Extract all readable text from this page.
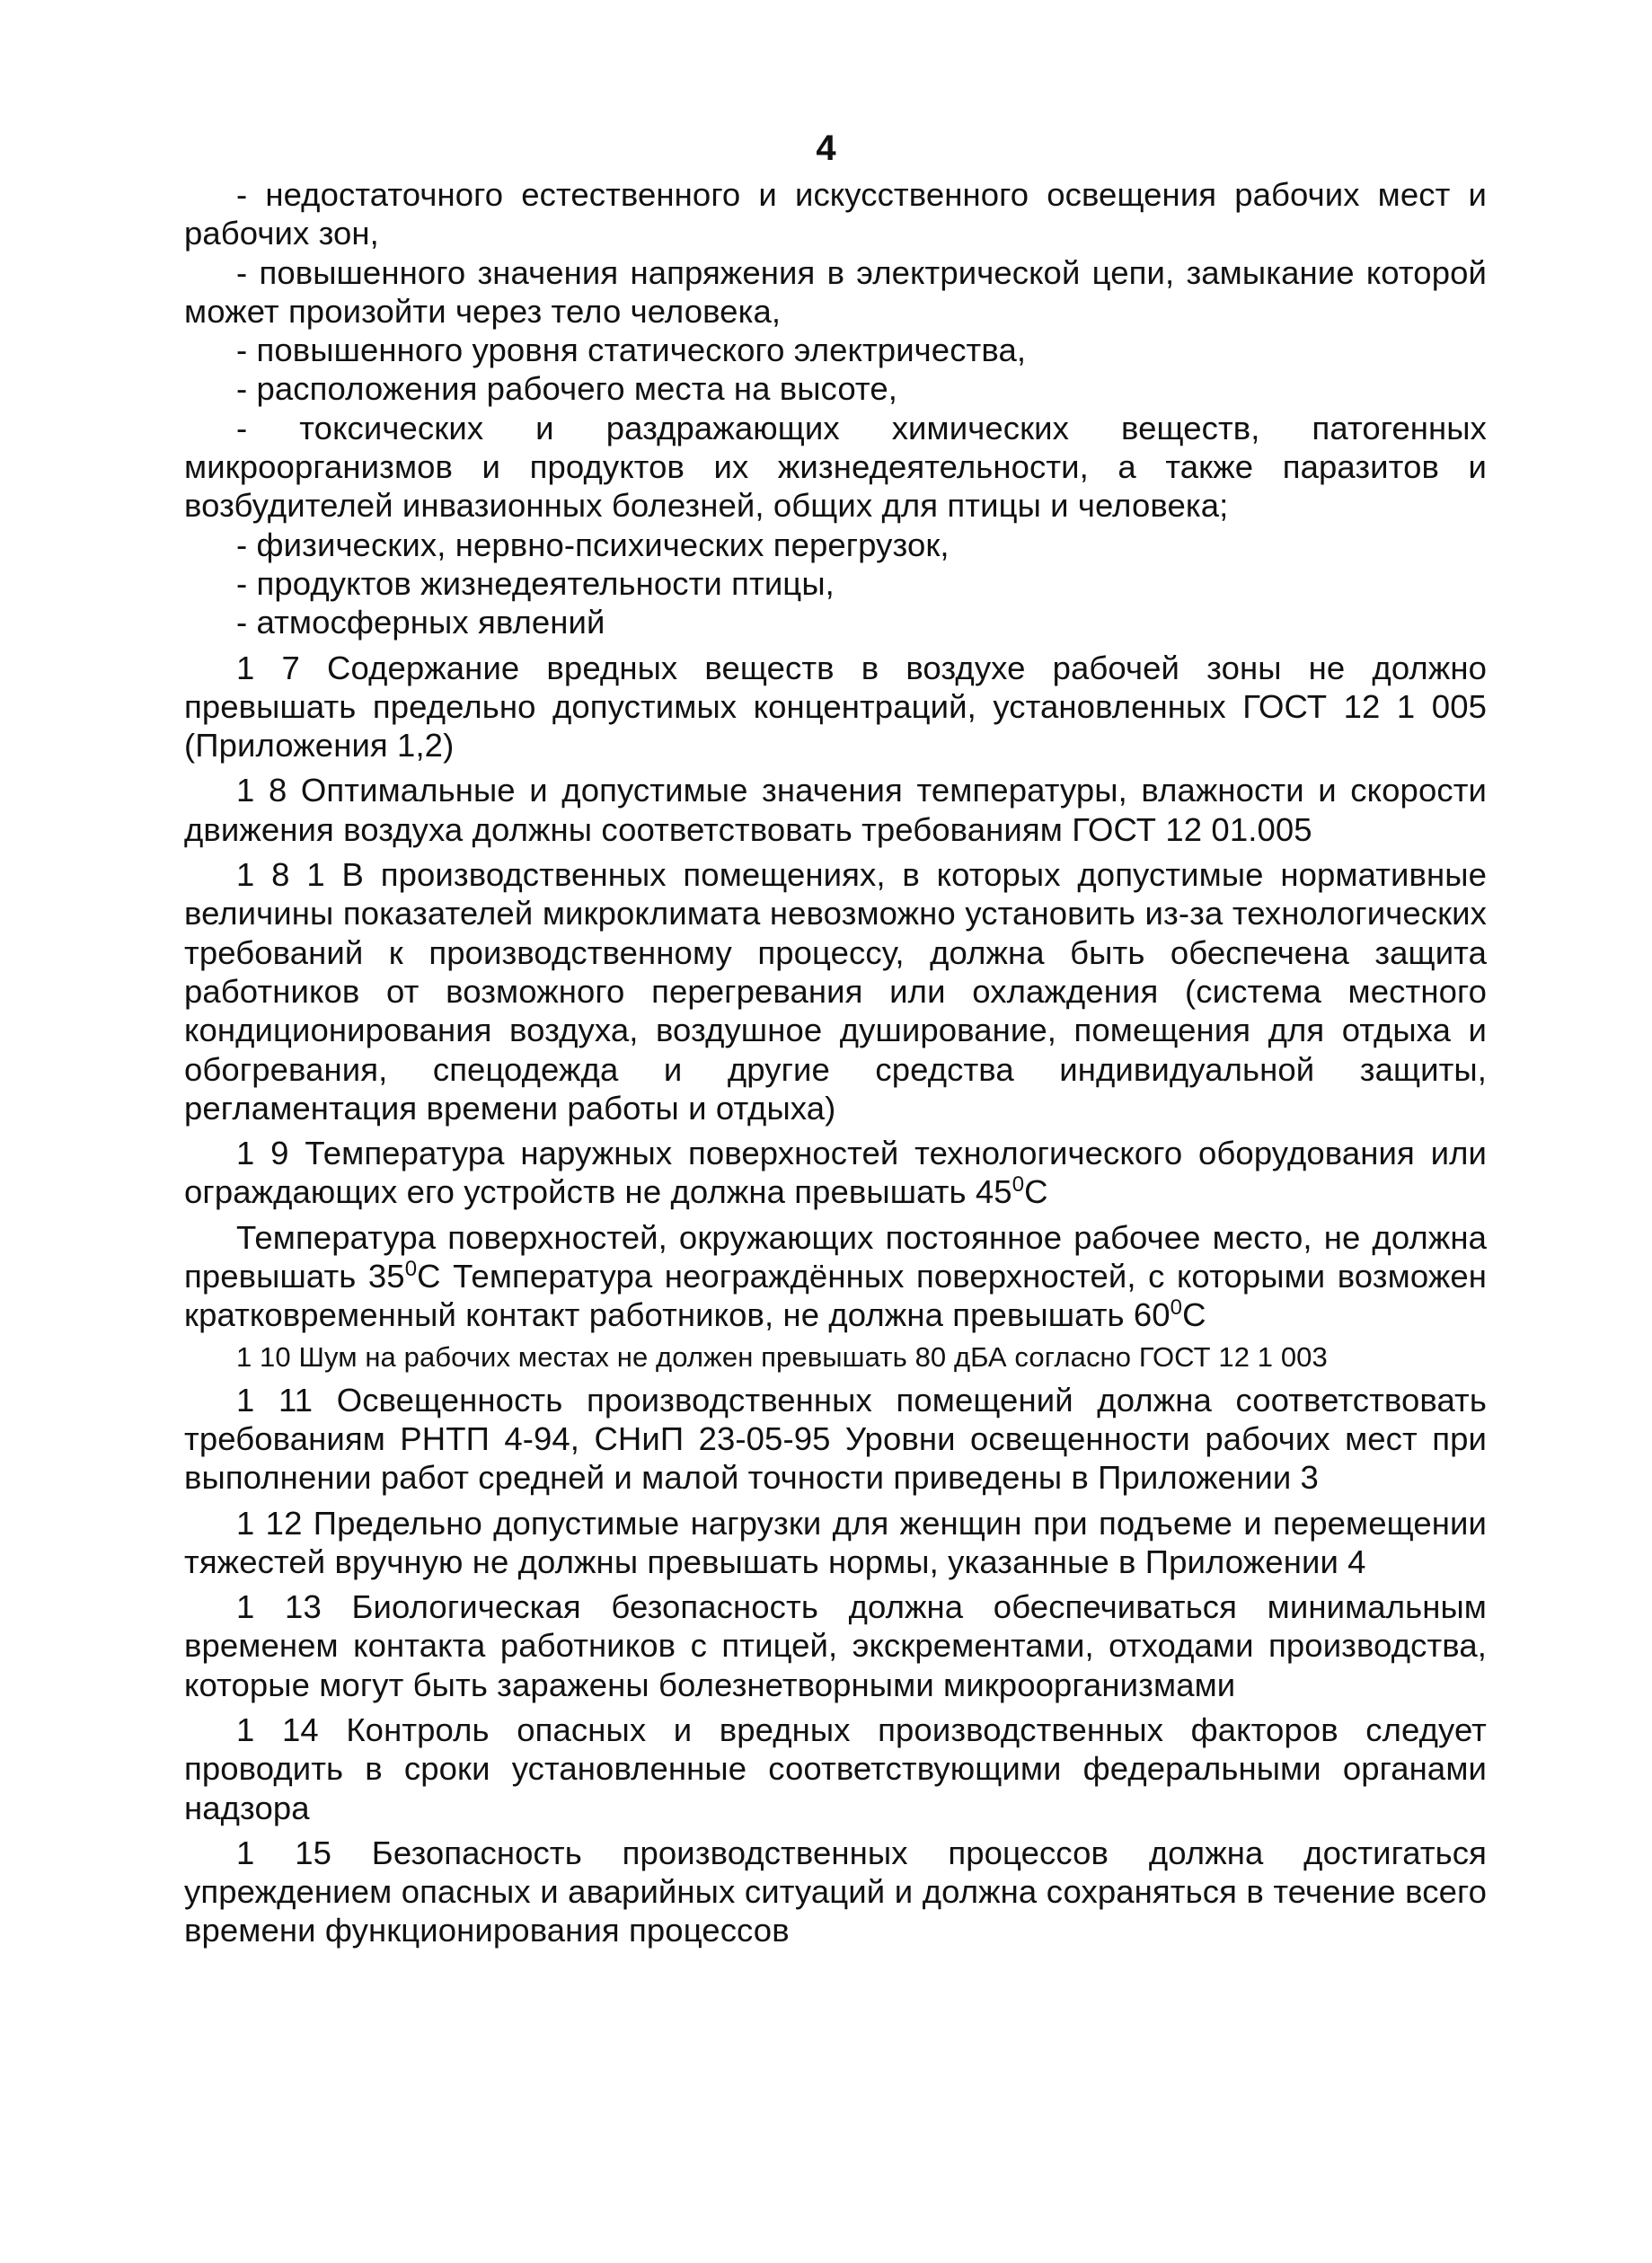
4

- недостаточного естественного и искусственного освещения рабочих мест и рабочих зон,

- повышенного значения напряжения в электрической цепи, замыкание которой может произойти через тело человека,

- повышенного уровня статического электричества,

- расположения рабочего места на высоте,

- токсических и раздражающих химических веществ, патогенных микроорганизмов и продуктов их жизнедеятельности, а также паразитов и возбудителей инвазионных болезней, общих для птицы и человека;

- физических, нервно-психических перегрузок,

- продуктов жизнедеятельности птицы,

- атмосферных явлений

1 7 Содержание вредных веществ в воздухе рабочей зоны не должно превышать предельно допустимых концентраций, установленных ГОСТ 12 1 005 (Приложения 1,2)

1 8 Оптимальные и допустимые значения температуры, влажности и скорости движения воздуха должны соответствовать требованиям ГОСТ 12 01.005

1 8 1 В производственных помещениях, в которых допустимые нормативные величины показателей микроклимата невозможно установить из-за технологических требований к производственному процессу, должна быть обеспечена защита работников от возможного перегревания или охлаждения (система местного кондиционирования воздуха, воздушное душирование, помещения для отдыха и обогревания, спецодежда и другие средства индивидуальной защиты, регламентация времени работы и отдыха)

1 9 Температура наружных поверхностей технологического оборудования или ограждающих его устройств не должна превышать $45^0С$

Температура поверхностей, окружающих постоянное рабочее место, не должна превышать $35^0С$ Температура неограждённых поверхностей, с которыми возможен кратковременный контакт работников, не должна превышать $60^0С$

1 10 Шум на рабочих местах не должен превышать 80 дБА согласно ГОСТ 12 1 003

1 11 Освещенность производственных помещений должна соответствовать требованиям РНТП 4-94, СНиП 23-05-95 Уровни освещенности рабочих мест при выполнении работ средней и малой точности приведены в Приложении 3

1 12 Предельно допустимые нагрузки для женщин при подъеме и перемещении тяжестей вручную не должны превышать нормы, указанные в Приложении 4

1 13 Биологическая безопасность должна обеспечиваться минимальным временем контакта работников с птицей, экскрементами, отходами производства, которые могут быть заражены болезнетворными микроорганизмами

1 14 Контроль опасных и вредных производственных факторов следует проводить в сроки установленные соответствующими федеральными органами надзора

1 15 Безопасность производственных процессов должна достигаться упреждением опасных и аварийных ситуаций и должна сохраняться в течение всего времени функционирования процессов
